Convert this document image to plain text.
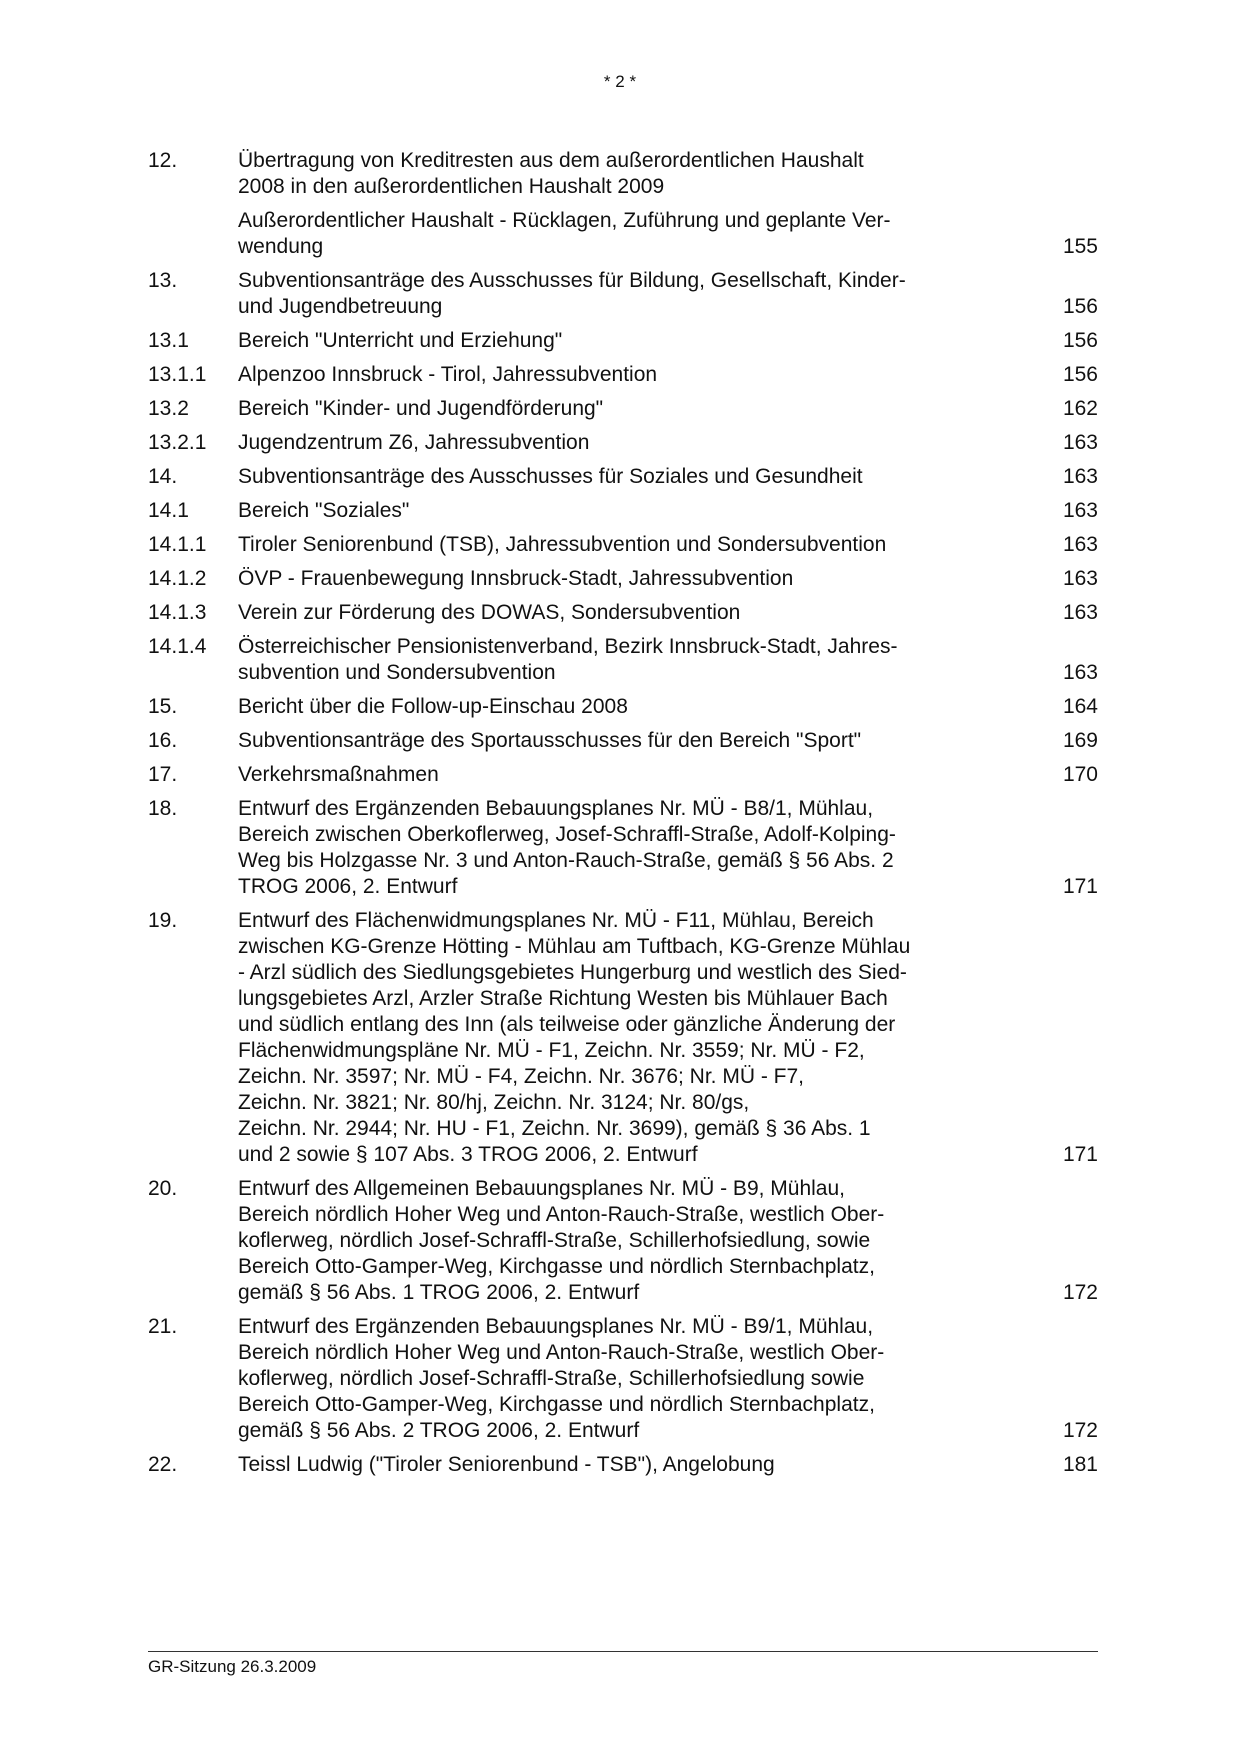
* 2 *
12.	Übertragung von Kreditresten aus dem außerordentlichen Haushalt
2008 in den außerordentlichen Haushalt 2009
Außerordentlicher Haushalt - Rücklagen, Zuführung und geplante Ver-
wendung	155
13.	Subventionsanträge des Ausschusses für Bildung, Gesellschaft, Kinder-
und Jugendbetreuung	156
13.1	Bereich "Unterricht und Erziehung"	156
13.1.1	Alpenzoo Innsbruck - Tirol, Jahressubvention	156
13.2	Bereich "Kinder- und Jugendförderung"	162
13.2.1	Jugendzentrum Z6, Jahressubvention	163
14.	Subventionsanträge des Ausschusses für Soziales und Gesundheit	163
14.1	Bereich "Soziales"	163
14.1.1	Tiroler Seniorenbund (TSB), Jahressubvention und Sondersubvention	163
14.1.2	ÖVP - Frauenbewegung Innsbruck-Stadt, Jahressubvention	163
14.1.3	Verein zur Förderung des DOWAS, Sondersubvention	163
14.1.4	Österreichischer Pensionistenverband, Bezirk Innsbruck-Stadt, Jahres-
subvention und Sondersubvention	163
15.	Bericht über die Follow-up-Einschau 2008	164
16.	Subventionsanträge des Sportausschusses für den Bereich "Sport"	169
17.	Verkehrsmaßnahmen	170
18.	Entwurf des Ergänzenden Bebauungsplanes Nr. MÜ - B8/1, Mühlau,
Bereich zwischen Oberkoflerweg, Josef-Schraffl-Straße, Adolf-Kolping-
Weg bis Holzgasse Nr. 3 und Anton-Rauch-Straße, gemäß § 56 Abs. 2
TROG 2006, 2. Entwurf	171
19.	Entwurf des Flächenwidmungsplanes Nr. MÜ - F11, Mühlau, Bereich
zwischen KG-Grenze Hötting - Mühlau am Tuftbach, KG-Grenze Mühlau
- Arzl südlich des Siedlungsgebietes Hungerburg und westlich des Sied-
lungsgebietes Arzl, Arzler Straße Richtung Westen bis Mühlauer Bach
und südlich entlang des Inn (als teilweise oder gänzliche Änderung der
Flächenwidmungspläne Nr. MÜ - F1, Zeichn. Nr. 3559; Nr. MÜ - F2,
Zeichn. Nr. 3597; Nr. MÜ - F4, Zeichn. Nr. 3676; Nr. MÜ - F7,
Zeichn. Nr. 3821; Nr. 80/hj, Zeichn. Nr. 3124; Nr. 80/gs,
Zeichn. Nr. 2944; Nr. HU - F1, Zeichn. Nr. 3699), gemäß § 36 Abs. 1
und 2 sowie § 107 Abs. 3 TROG 2006, 2. Entwurf	171
20.	Entwurf des Allgemeinen Bebauungsplanes Nr. MÜ - B9, Mühlau,
Bereich nördlich Hoher Weg und Anton-Rauch-Straße, westlich Ober-
koflerweg, nördlich Josef-Schraffl-Straße, Schillerhofsiedlung, sowie
Bereich Otto-Gamper-Weg, Kirchgasse und nördlich Sternbachplatz,
gemäß § 56 Abs. 1 TROG 2006, 2. Entwurf	172
21.	Entwurf des Ergänzenden Bebauungsplanes Nr. MÜ - B9/1, Mühlau,
Bereich nördlich Hoher Weg und Anton-Rauch-Straße, westlich Ober-
koflerweg, nördlich Josef-Schraffl-Straße, Schillerhofsiedlung sowie
Bereich Otto-Gamper-Weg, Kirchgasse und nördlich Sternbachplatz,
gemäß § 56 Abs. 2 TROG 2006, 2. Entwurf	172
22.	Teissl Ludwig ("Tiroler Seniorenbund - TSB"), Angelobung	181
GR-Sitzung 26.3.2009
